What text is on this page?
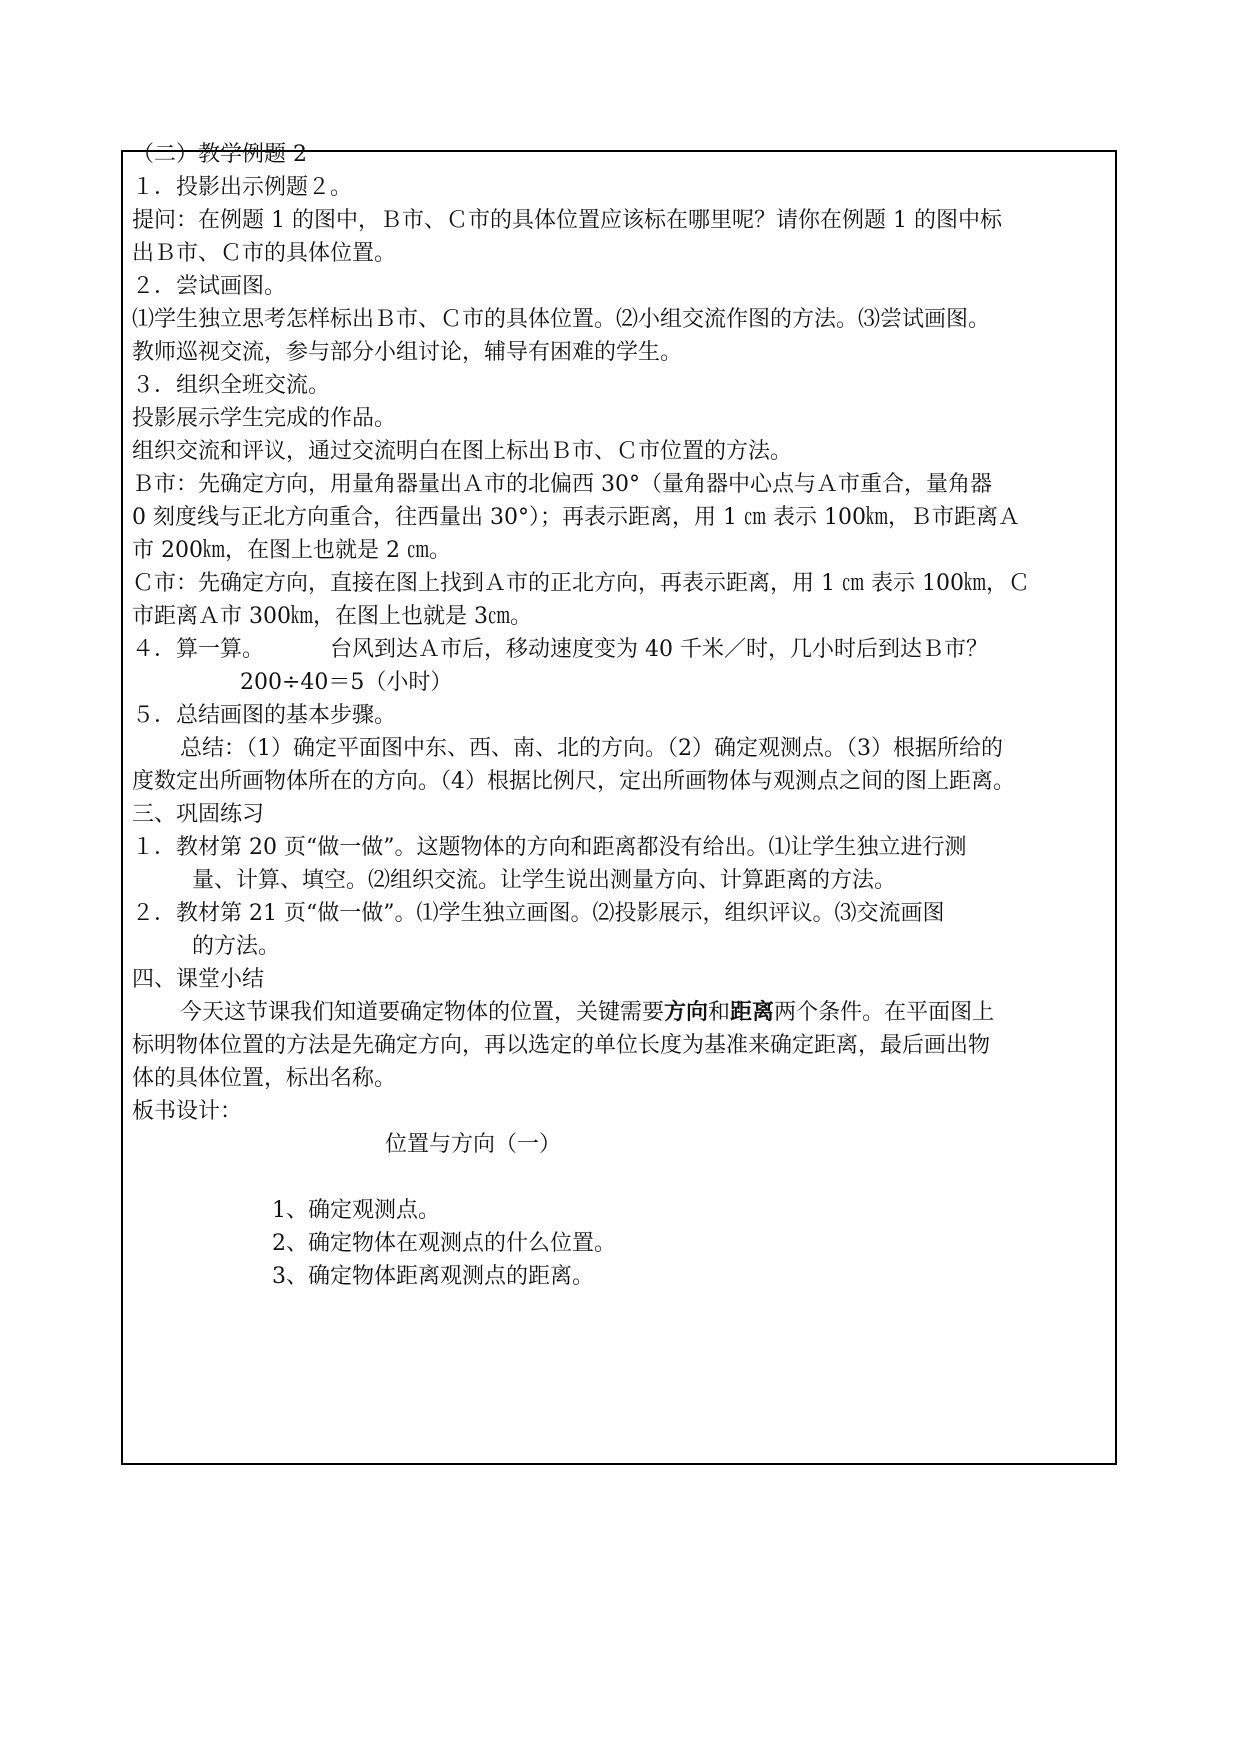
（二）教学例题 2
１．投影出示例题２。
提问：在例题 1 的图中，Ｂ市、Ｃ市的具体位置应该标在哪里呢？请你在例题 1 的图中标
出Ｂ市、Ｃ市的具体位置。
２．尝试画图。
⑴学生独立思考怎样标出Ｂ市、Ｃ市的具体位置。⑵小组交流作图的方法。⑶尝试画图。
教师巡视交流，参与部分小组讨论，辅导有困难的学生。
３．组织全班交流。
投影展示学生完成的作品。
组织交流和评议，通过交流明白在图上标出Ｂ市、Ｃ市位置的方法。
Ｂ市：先确定方向，用量角器量出Ａ市的北偏西 30°（量角器中心点与Ａ市重合，量角器
0 刻度线与正北方向重合，往西量出 30°）；再表示距离，用 1 ㎝ 表示 100㎞，Ｂ市距离Ａ
市 200㎞，在图上也就是 2 ㎝。
Ｃ市：先确定方向，直接在图上找到Ａ市的正北方向，再表示距离，用 1 ㎝ 表示 100㎞，Ｃ
市距离Ａ市 300㎞，在图上也就是 3㎝。
４．算一算。	台风到达Ａ市后，移动速度变为 40 千米／时，几小时后到达Ｂ市？
200÷40＝5（小时）
５．总结画图的基本步骤。
总结：（1）确定平面图中东、西、南、北的方向。（2）确定观测点。（3）根据所给的
度数定出所画物体所在的方向。（4）根据比例尺，定出所画物体与观测点之间的图上距离。
三、巩固练习
１．教材第 20 页“做一做”。这题物体的方向和距离都没有给出。⑴让学生独立进行测
量、计算、填空。⑵组织交流。让学生说出测量方向、计算距离的方法。
２．教材第 21 页“做一做”。⑴学生独立画图。⑵投影展示，组织评议。⑶交流画图
的方法。
四、课堂小结
今天这节课我们知道要确定物体的位置，关键需要方向和距离两个条件。在平面图上
标明物体位置的方法是先确定方向，再以选定的单位长度为基准来确定距离，最后画出物
体的具体位置，标出名称。
板书设计：
位置与方向（一）
1、确定观测点。
2、确定物体在观测点的什么位置。
3、确定物体距离观测点的距离。
